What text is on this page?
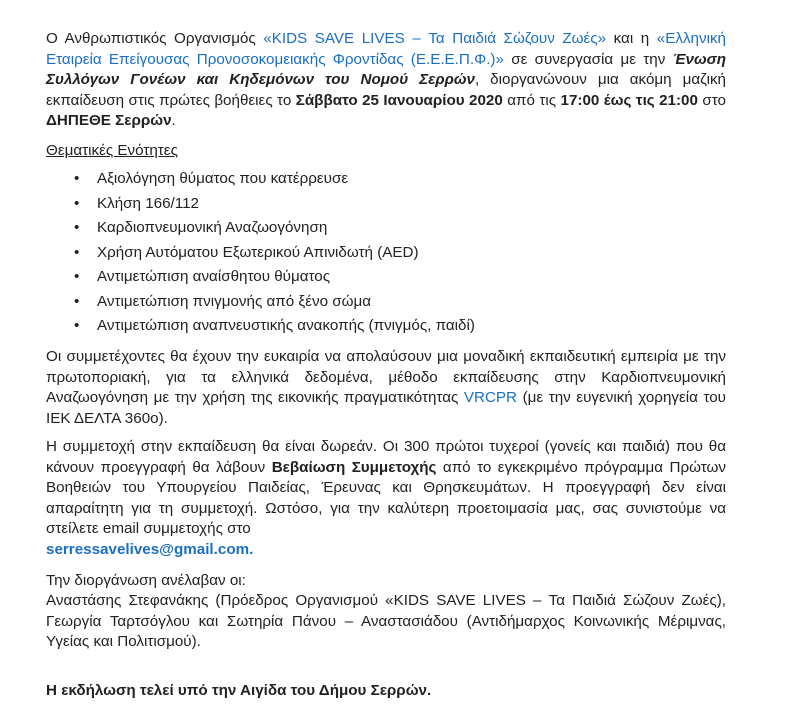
Ο Ανθρωπιστικός Οργανισμός «KIDS SAVE LIVES – Τα Παιδιά Σώζουν Ζωές» και η «Ελληνική Εταιρεία Επείγουσας Προνοσοκομειακής Φροντίδας (Ε.Ε.Ε.Π.Φ.)» σε συνεργασία με την Ένωση Συλλόγων Γονέων και Κηδεμόνων του Νομού Σερρών, διοργανώνουν μια ακόμη μαζική εκπαίδευση στις πρώτες βοήθειες το Σάββατο 25 Ιανουαρίου 2020 από τις 17:00 έως τις 21:00 στο ΔΗΠΕΘΕ Σερρών.

Θεματικές Ενότητες

• Αξιολόγηση θύματος που κατέρρευσε
• Κλήση 166/112
• Καρδιοπνευμονική Αναζωογόνηση
• Χρήση Αυτόματου Εξωτερικού Απινιδωτή (AED)
• Αντιμετώπιση αναίσθητου θύματος
• Αντιμετώπιση πνιγμονής από ξένο σώμα
• Αντιμετώπιση αναπνευστικής ανακοπής (πνιγμός, παιδί)

Οι συμμετέχοντες θα έχουν την ευκαιρία να απολαύσουν μια μοναδική εκπαιδευτική εμπειρία με την πρωτοποριακή, για τα ελληνικά δεδομένα, μέθοδο εκπαίδευσης στην Καρδιοπνευμονική Αναζωογόνηση με την χρήση της εικονικής πραγματικότητας VRCPR (με την ευγενική χορηγεία του ΙΕΚ ΔΕΛΤΑ 360ο).

Η συμμετοχή στην εκπαίδευση θα είναι δωρεάν. Οι 300 πρώτοι τυχεροί (γονείς και παιδιά) που θα κάνουν προεγγραφή θα λάβουν Βεβαίωση Συμμετοχής από το εγκεκριμένο πρόγραμμα Πρώτων Βοηθειών του Υπουργείου Παιδείας, Έρευνας και Θρησκευμάτων. Η προεγγραφή δεν είναι απαραίτητη για τη συμμετοχή. Ωστόσο, για την καλύτερη προετοιμασία μας, σας συνιστούμε να στείλετε email συμμετοχής στο
serressavelives@gmail.com.

Την διοργάνωση ανέλαβαν οι:

Αναστάσης Στεφανάκης (Πρόεδρος Οργανισμού «KIDS SAVE LIVES – Τα Παιδιά Σώζουν Ζωές), Γεωργία Ταρτσόγλου και Σωτηρία Πάνου – Αναστασιάδου (Αντιδήμαρχος Κοινωνικής Μέριμνας, Υγείας και Πολιτισμού).

Η εκδήλωση τελεί υπό την Αιγίδα του Δήμου Σερρών.
